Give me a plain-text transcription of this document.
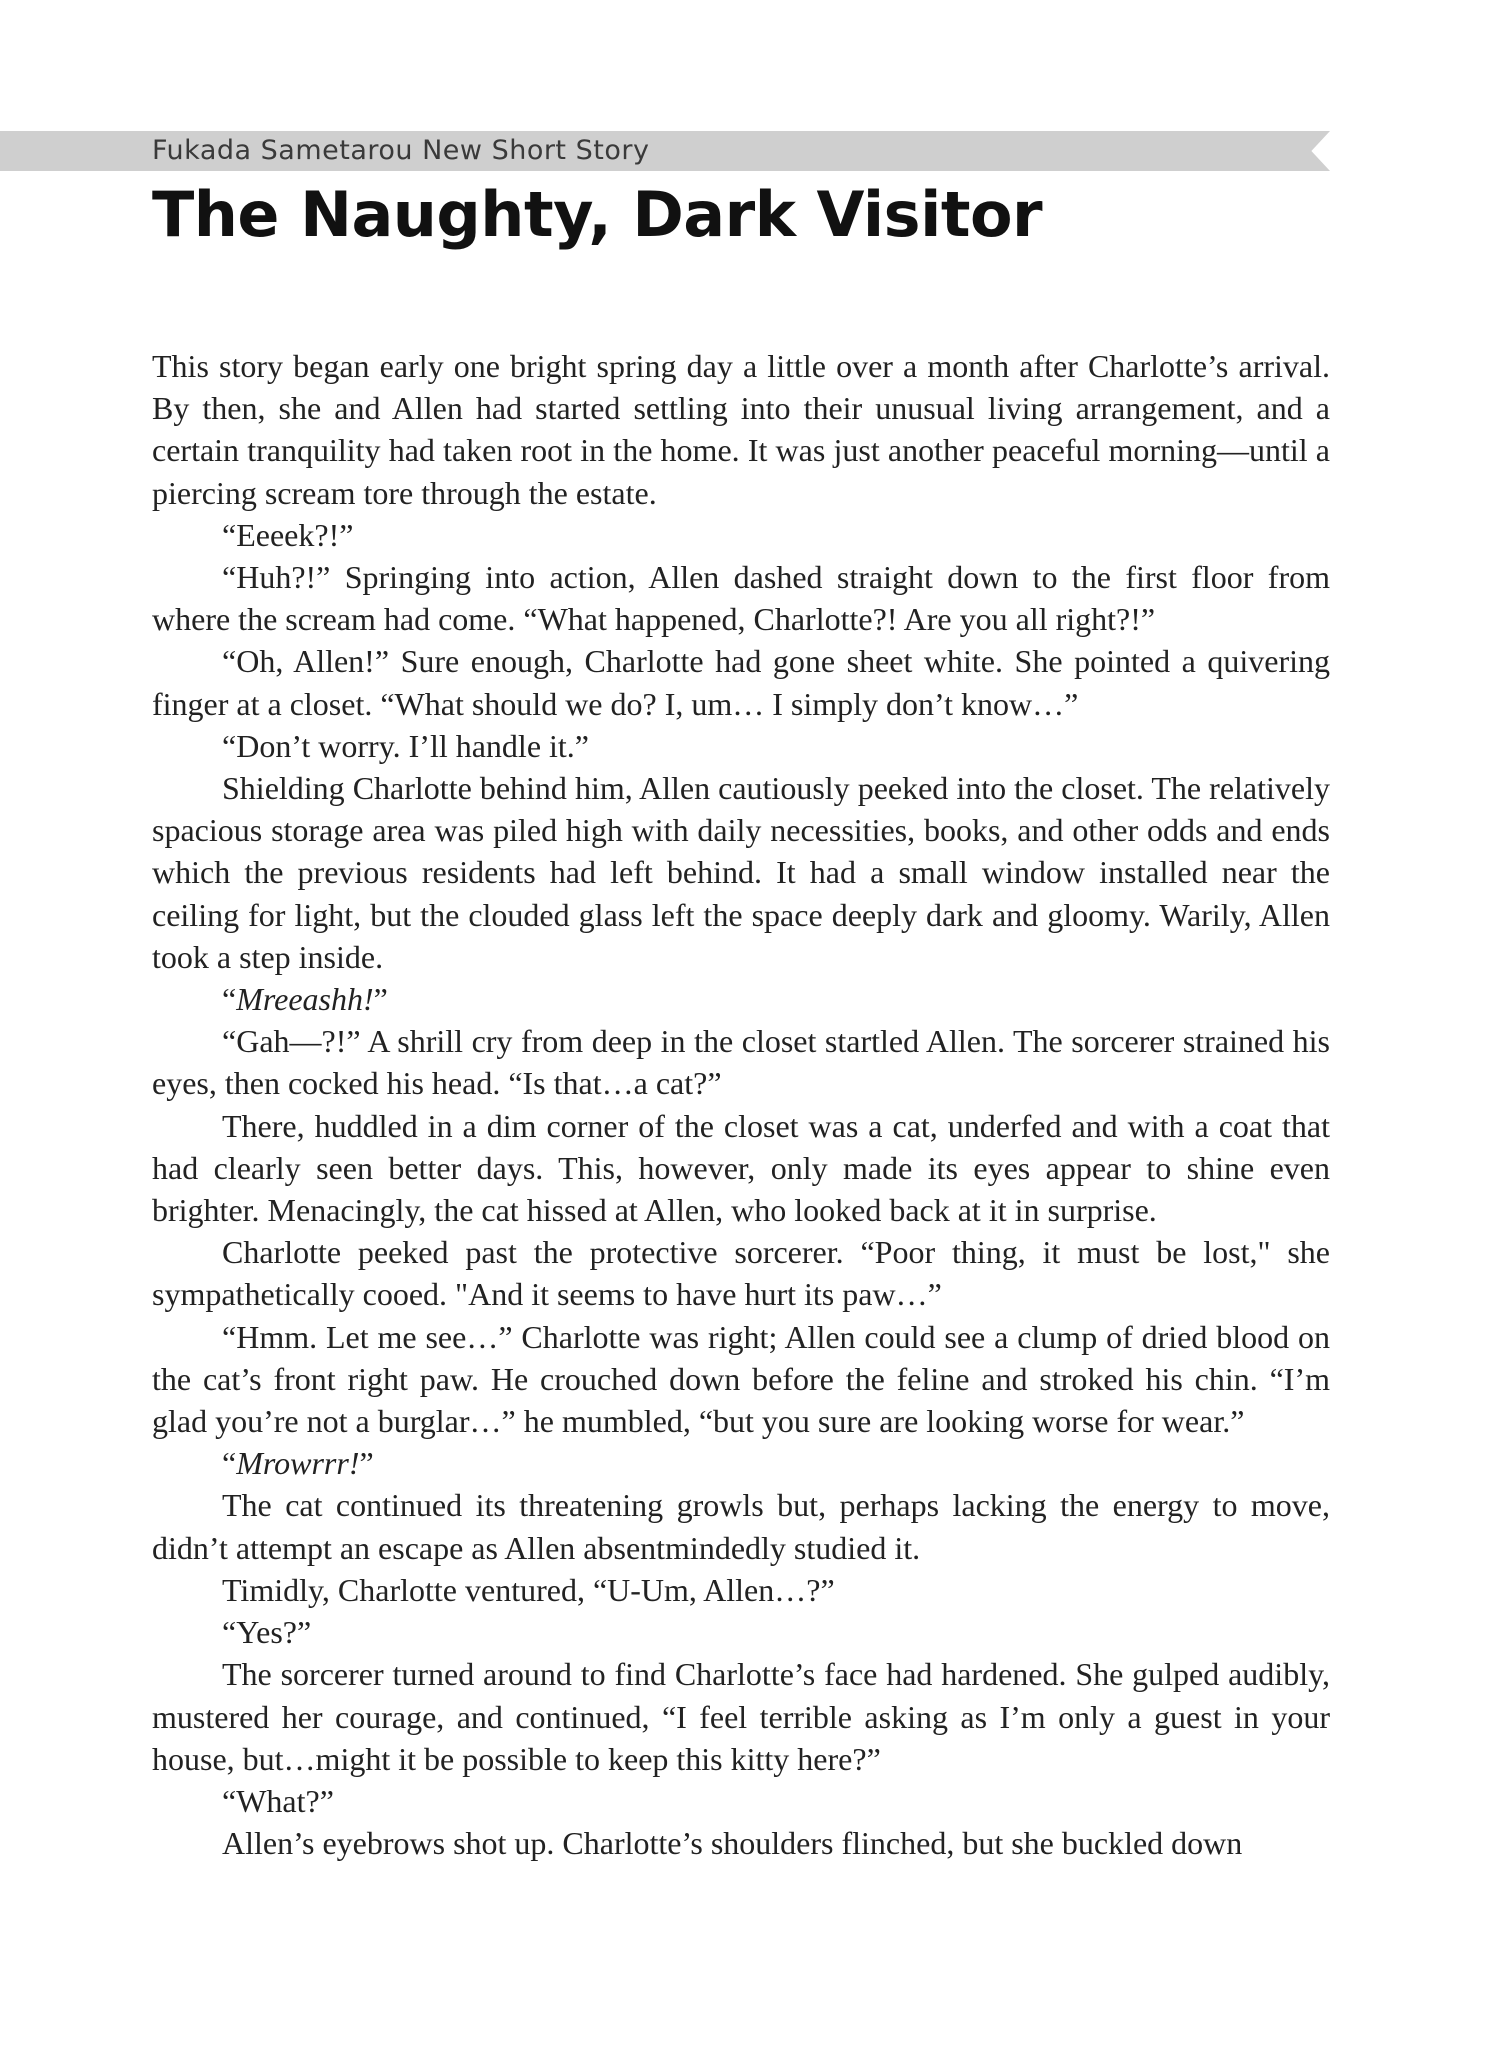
Fukada Sametarou New Short Story
The Naughty, Dark Visitor

This story began early one bright spring day a little over a month after Charlotte’s arrival. By then, she and Allen had started settling into their unusual living arrangement, and a certain tranquility had taken root in the home. It was just another peaceful morning—until a piercing scream tore through the estate.

“Eeeek?!”

“Huh?!” Springing into action, Allen dashed straight down to the first floor from where the scream had come. “What happened, Charlotte?! Are you all right?!”

“Oh, Allen!” Sure enough, Charlotte had gone sheet white. She pointed a quivering finger at a closet. “What should we do? I, um… I simply don’t know…”

“Don’t worry. I’ll handle it.”

Shielding Charlotte behind him, Allen cautiously peeked into the closet. The relatively spacious storage area was piled high with daily necessities, books, and other odds and ends which the previous residents had left behind. It had a small window installed near the ceiling for light, but the clouded glass left the space deeply dark and gloomy. Warily, Allen took a step inside.

“Mreeashh!”

“Gah—?!” A shrill cry from deep in the closet startled Allen. The sorcerer strained his eyes, then cocked his head. “Is that…a cat?”

There, huddled in a dim corner of the closet was a cat, underfed and with a coat that had clearly seen better days. This, however, only made its eyes appear to shine even brighter. Menacingly, the cat hissed at Allen, who looked back at it in surprise.

Charlotte peeked past the protective sorcerer. “Poor thing, it must be lost," she sympathetically cooed. "And it seems to have hurt its paw…”

“Hmm. Let me see…” Charlotte was right; Allen could see a clump of dried blood on the cat’s front right paw. He crouched down before the feline and stroked his chin. “I’m glad you’re not a burglar…” he mumbled, “but you sure are looking worse for wear.”

“Mrowrrr!”

The cat continued its threatening growls but, perhaps lacking the energy to move, didn’t attempt an escape as Allen absentmindedly studied it.

Timidly, Charlotte ventured, “U-Um, Allen…?”

“Yes?”

The sorcerer turned around to find Charlotte’s face had hardened. She gulped audibly, mustered her courage, and continued, “I feel terrible asking as I’m only a guest in your house, but…might it be possible to keep this kitty here?”

“What?”

Allen’s eyebrows shot up. Charlotte’s shoulders flinched, but she buckled down
